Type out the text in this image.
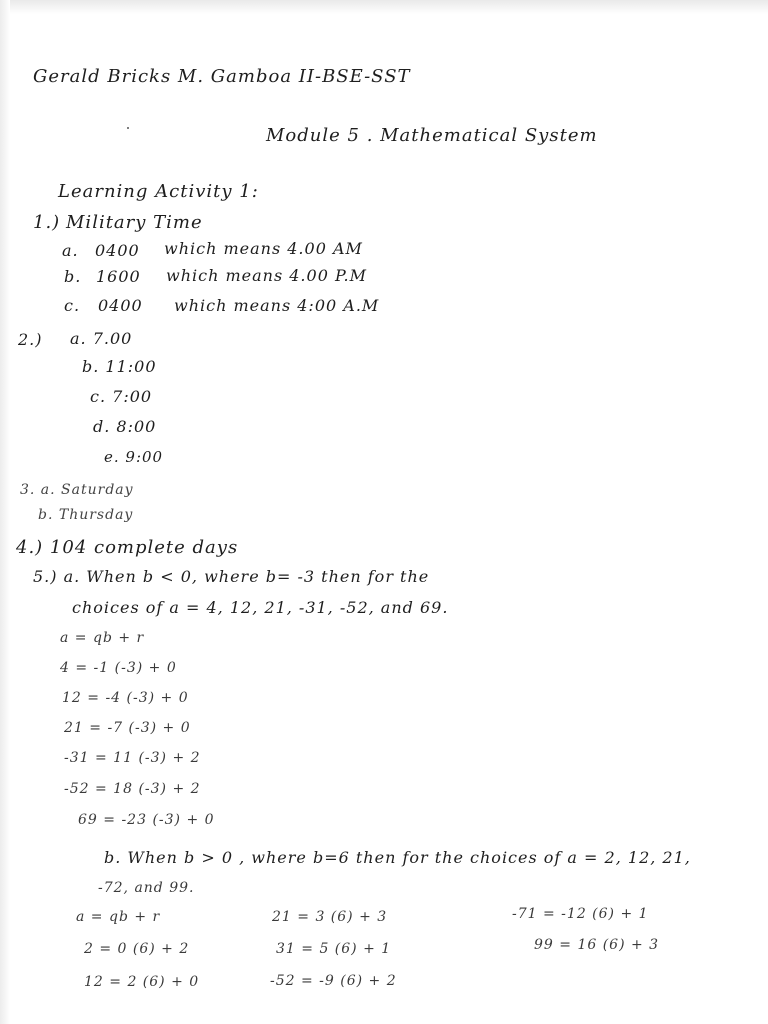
Gerald Bricks M. Gamboa II-BSE-SST
Module 5 . Mathematical System
Learning Activity 1:
1.) Military Time
a. 0400 which means 4.00 AM
b. 1600 which means 4.00 P.M
c. 0400 which means 4:00 A.M
2.) a. 7.00
b. 11:00
c. 7:00
d. 8:00
e. 9:00
3. a. Saturday
b. Thursday
4.) 104 complete days
5.) a. When b < 0, where b= -3 then for the
choices of a = 4, 12, 21, -31, -52, and 69.
a = qb + r
4 = -1 (-3) + 0
12 = -4 (-3) + 0
21 = -7 (-3) + 0
-31 = 11 (-3) + 2
-52 = 18 (-3) + 2
69 = -23 (-3) + 0
b. When b > 0 , where b=6 then for the choices of a = 2, 12, 21,
-72, and 99.
a = qb + r
2 = 0 (6) + 2
12 = 2 (6) + 0
21 = 3 (6) + 3
31 = 5 (6) + 1
-52 = -9 (6) + 2
-71 = -12 (6) + 1
99 = 16 (6) + 3
